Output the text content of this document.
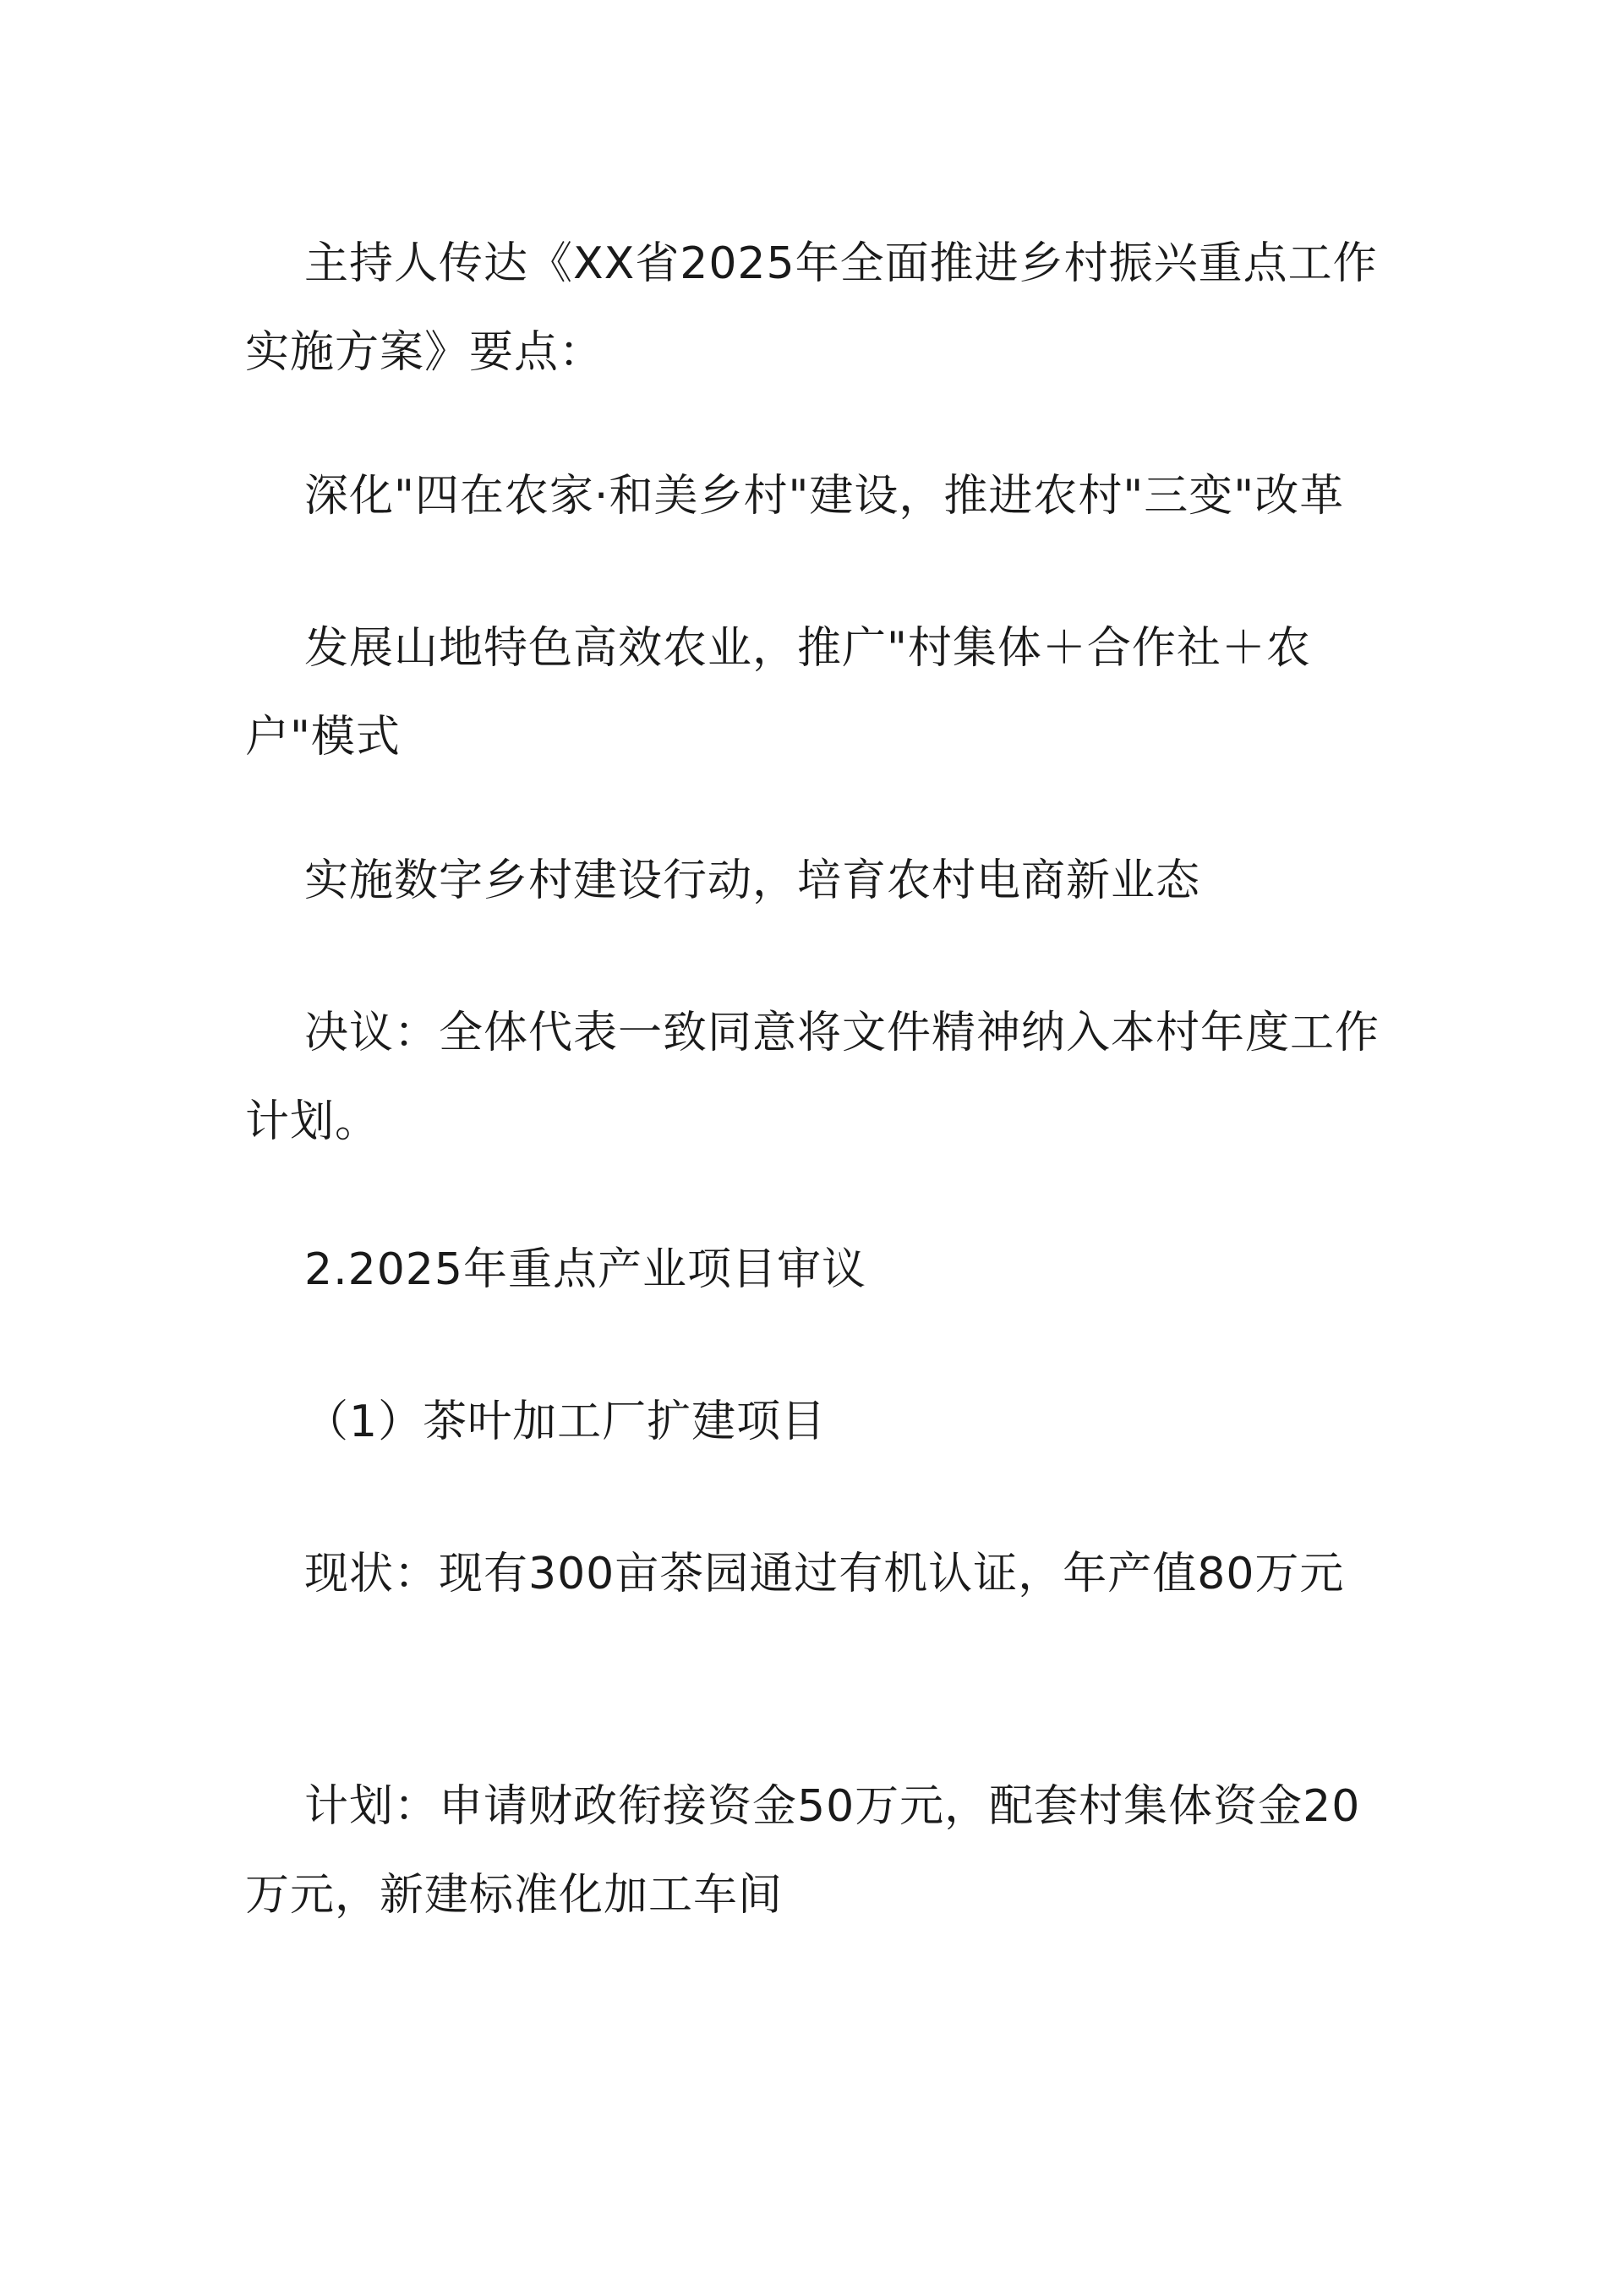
主持人传达《XX省2025年全面推进乡村振兴重点工作实施方案》要点：

深化"四在农家·和美乡村"建设，推进农村"三变"改革

发展山地特色高效农业，推广"村集体＋合作社＋农户"模式

实施数字乡村建设行动，培育农村电商新业态

决议：全体代表一致同意将文件精神纳入本村年度工作计划。

2.2025年重点产业项目审议

（1）茶叶加工厂扩建项目

现状：现有300亩茶园通过有机认证，年产值80万元

计划：申请财政衔接资金50万元，配套村集体资金20万元，新建标准化加工车间
